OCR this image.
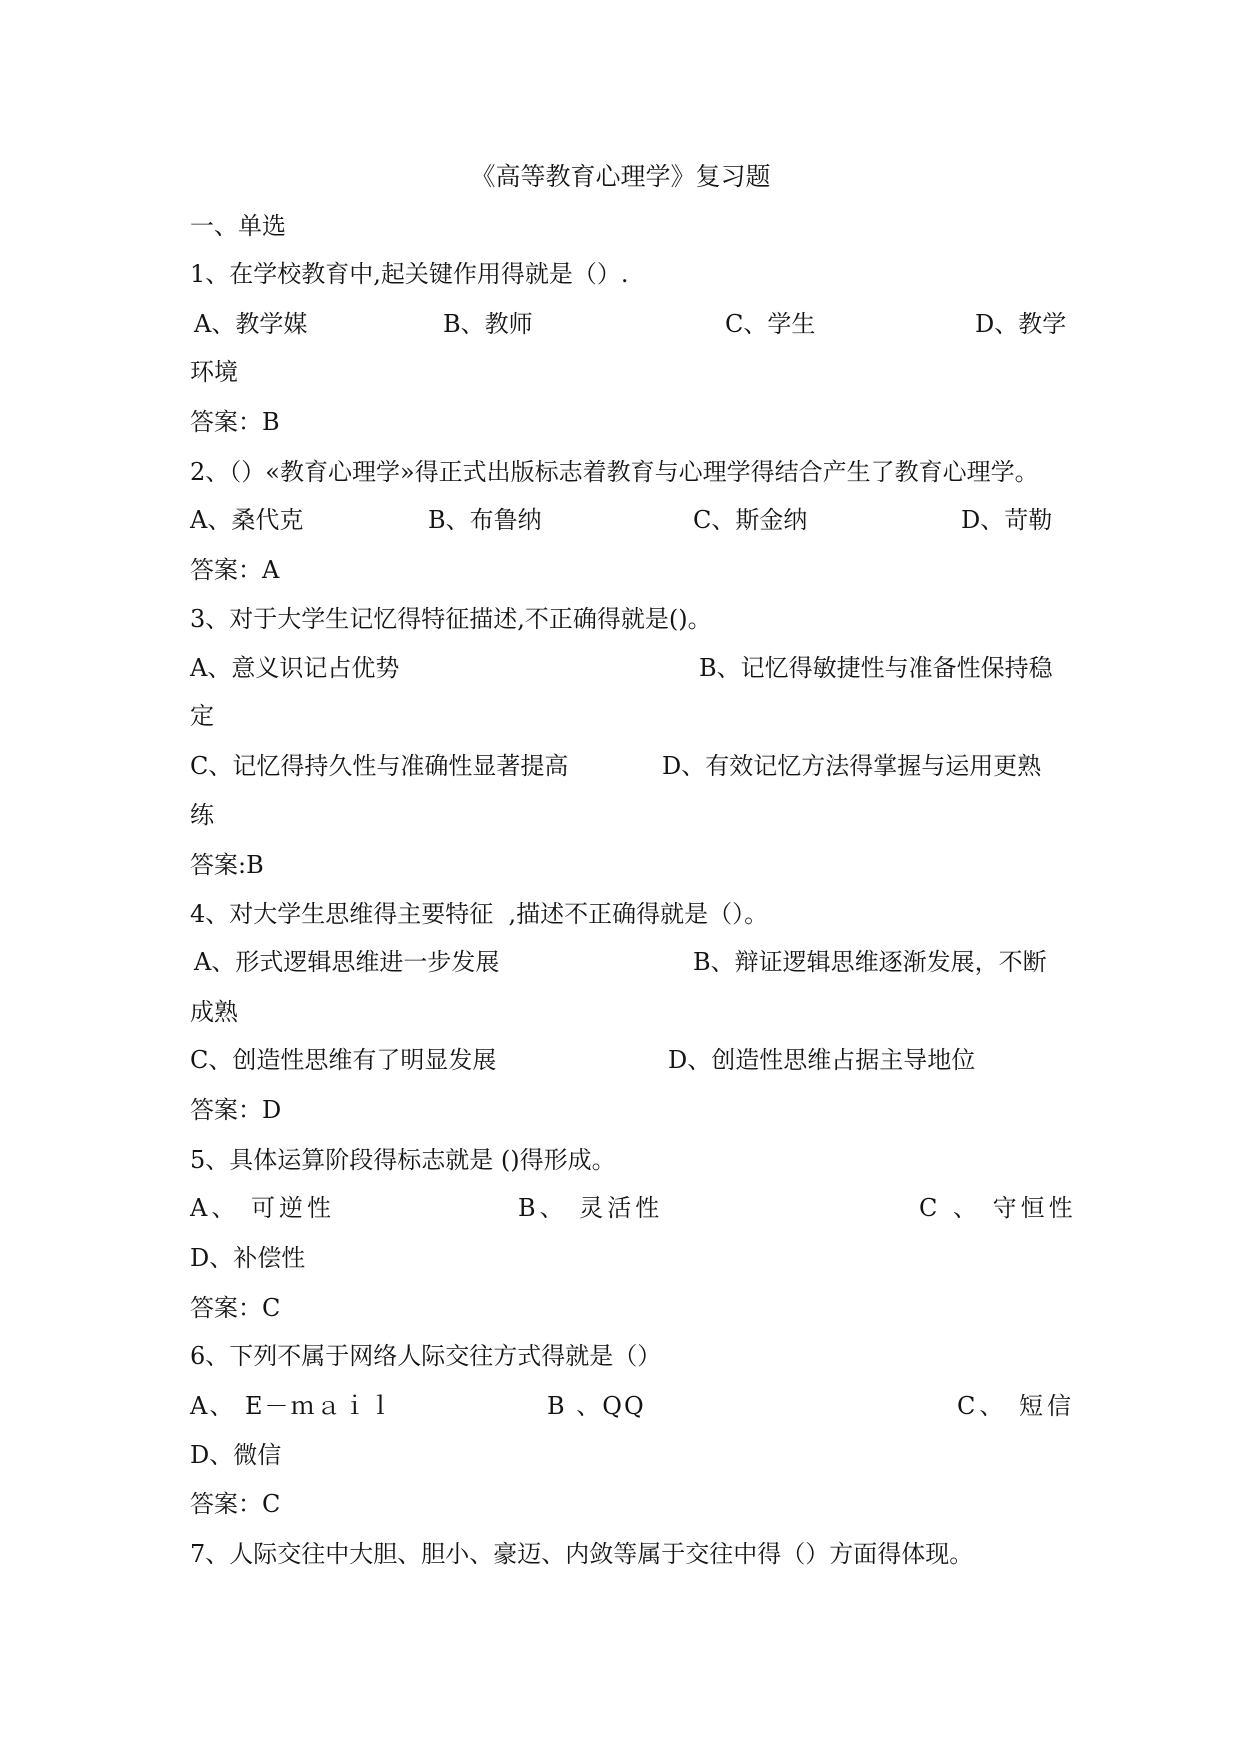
《高等教育心理学》复习题
一、单选
1、在学校教育中,起关键作用得就是（）.
A、教学媒	B、教师	C、学生	D、教学
环境
答案：B
2、（）«教育心理学»得正式出版标志着教育与心理学得结合产生了教育心理学。
A、桑代克	B、布鲁纳	C、斯金纳	D、苛勒
答案：A
3、对于大学生记忆得特征描述,不正确得就是()。
A、意义识记占优势	B、记忆得敏捷性与准备性保持稳
定
C、记忆得持久性与准确性显著提高	D、有效记忆方法得掌握与运用更熟
练
答案:B
4、对大学生思维得主要特征  ,描述不正确得就是（）。
A、形式逻辑思维进一步发展	B、辩证逻辑思维逐渐发展，不断
成熟
C、创造性思维有了明显发展	D、创造性思维占据主导地位
答案：D
5、具体运算阶段得标志就是 ()得形成。
A、 可逆性	B、 灵活性	C 、 守恒性
D、补偿性
答案：C
6、下列不属于网络人际交往方式得就是（）
A、 E－ｍａｉｌ	B 、QQ	C、 短信
D、微信
答案：C
7、人际交往中大胆、胆小、豪迈、内敛等属于交往中得（）方面得体现。
